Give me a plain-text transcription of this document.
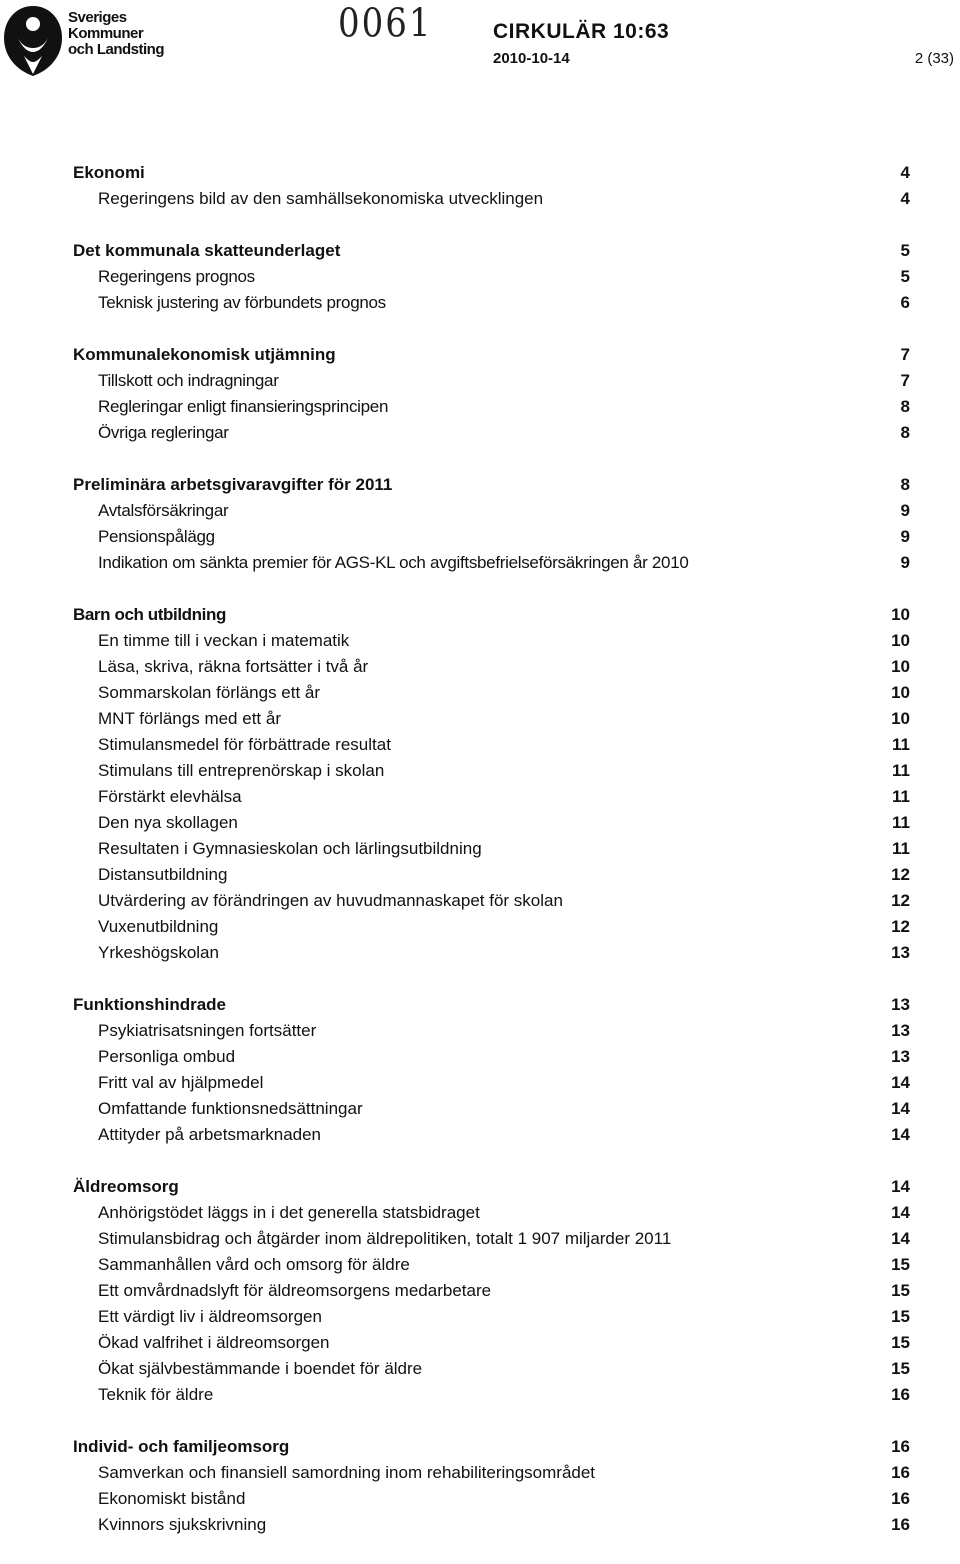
Sveriges
Kommuner
och Landsting
0061	CIRKULÄR 10:63
2010-10-14	2 (33)
Ekonomi	4
Regeringens bild av den samhällsekonomiska utvecklingen	4
Det kommunala skatteunderlaget	5
Regeringens prognos	5
Teknisk justering av förbundets prognos	6
Kommunalekonomisk utjämning	7
Tillskott och indragningar	7
Regleringar enligt finansieringsprincipen	8
Övriga regleringar	8
Preliminära arbetsgivaravgifter för 2011	8
Avtalsförsäkringar	9
Pensionspålägg	9
Indikation om sänkta premier för AGS-KL och avgiftsbefrielseförsäkringen år 2010	9
Barn och utbildning	10
En timme till i veckan i matematik	10
Läsa, skriva, räkna fortsätter i två år	10
Sommarskolan förlängs ett år	10
MNT förlängs med ett år	10
Stimulansmedel för förbättrade resultat	11
Stimulans till entreprenörskap i skolan	11
Förstärkt elevhälsa	11
Den nya skollagen	11
Resultaten i Gymnasieskolan och lärlingsutbildning	11
Distansutbildning	12
Utvärdering av förändringen av huvudmannaskapet för skolan	12
Vuxenutbildning	12
Yrkeshögskolan	13
Funktionshindrade	13
Psykiatrisatsningen fortsätter	13
Personliga ombud	13
Fritt val av hjälpmedel	14
Omfattande funktionsnedsättningar	14
Attityder på arbetsmarknaden	14
Äldreomsorg	14
Anhörigstödet läggs in i det generella statsbidraget	14
Stimulansbidrag och åtgärder inom äldrepolitiken, totalt 1 907 miljarder 2011	14
Sammanhållen vård och omsorg för äldre	15
Ett omvårdnadslyft för äldreomsorgens medarbetare	15
Ett värdigt liv i äldreomsorgen	15
Ökad valfrihet i äldreomsorgen	15
Ökat självbestämmande i boendet för äldre	15
Teknik för äldre	16
Individ- och familjeomsorg	16
Samverkan och finansiell samordning inom rehabiliteringsområdet	16
Ekonomiskt bistånd	16
Kvinnors sjukskrivning	16
